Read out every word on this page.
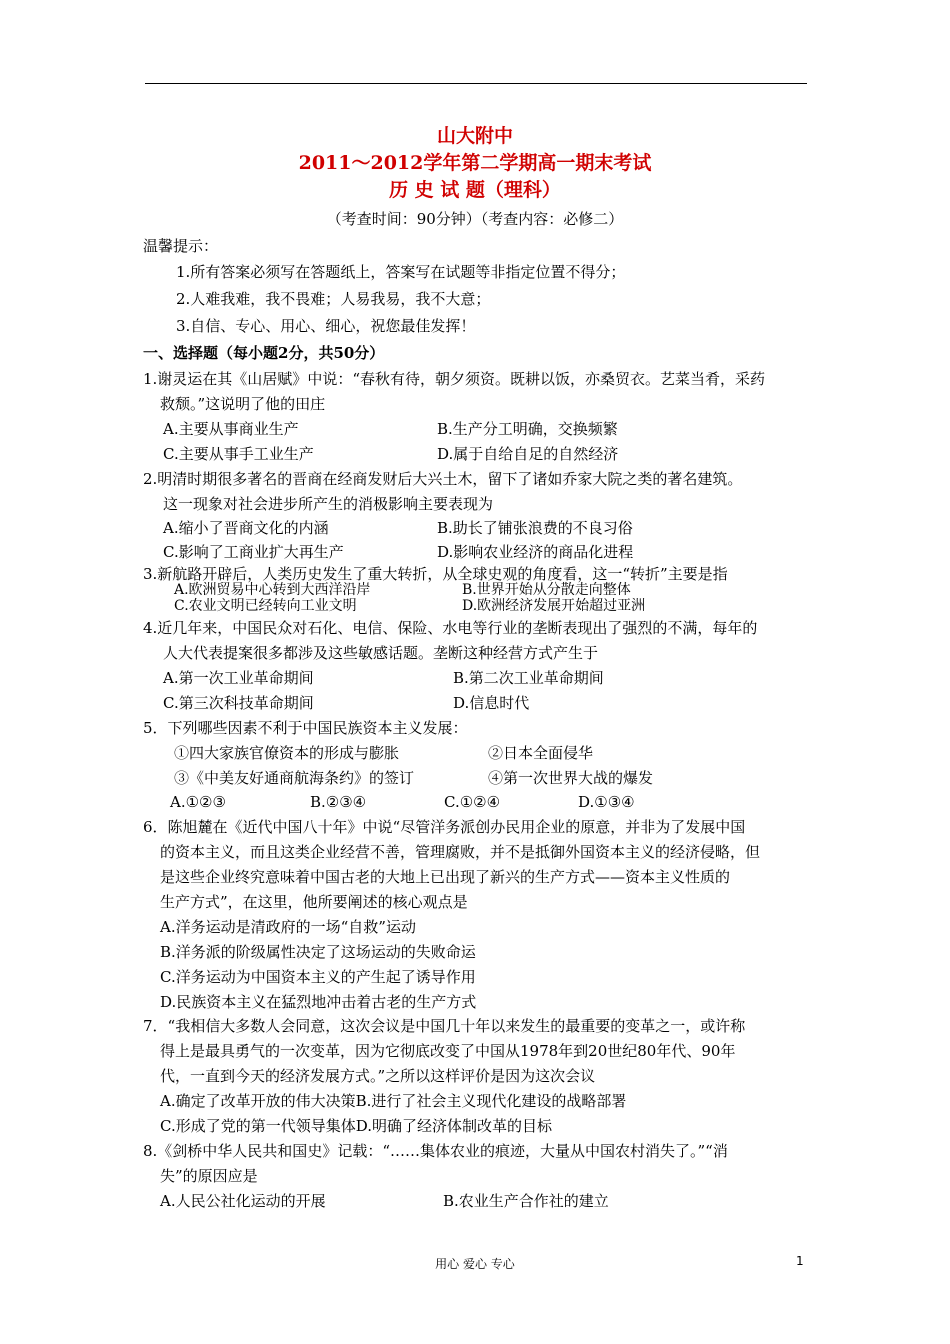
山大附中
2011～2012学年第二学期高一期末考试
历 史 试 题（理科）
（考查时间：90分钟）（考查内容：必修二）
温馨提示：
1.所有答案必须写在答题纸上，答案写在试题等非指定位置不得分；
2.人难我难，我不畏难；人易我易，我不大意；
3.自信、专心、用心、细心，祝您最佳发挥！
一、选择题（每小题2分，共50分）
1.谢灵运在其《山居赋》中说：“春秋有待，朝夕须资。既耕以饭，亦桑贸衣。艺菜当肴，采药
救颓。”这说明了他的田庄
A.主要从事商业生产	B.生产分工明确，交换频繁
C.主要从事手工业生产	D.属于自给自足的自然经济
2.明清时期很多著名的晋商在经商发财后大兴土木，留下了诸如乔家大院之类的著名建筑。
这一现象对社会进步所产生的消极影响主要表现为
A.缩小了晋商文化的内涵	B.助长了铺张浪费的不良习俗
C.影响了工商业扩大再生产	D.影响农业经济的商品化进程
3.新航路开辟后，人类历史发生了重大转折，从全球史观的角度看，这一“转折”主要是指
A.欧洲贸易中心转到大西洋沿岸	B.世界开始从分散走向整体
C.农业文明已经转向工业文明	D.欧洲经济发展开始超过亚洲
4.近几年来，中国民众对石化、电信、保险、水电等行业的垄断表现出了强烈的不满，每年的
人大代表提案很多都涉及这些敏感话题。垄断这种经营方式产生于
A.第一次工业革命期间	B.第二次工业革命期间
C.第三次科技革命期间	D.信息时代
5．下列哪些因素不利于中国民族资本主义发展：
①四大家族官僚资本的形成与膨胀	②日本全面侵华
③《中美友好通商航海条约》的签订	④第一次世界大战的爆发
A.①②③	B.②③④	C.①②④	D.①③④
6．陈旭麓在《近代中国八十年》中说“尽管洋务派创办民用企业的原意，并非为了发展中国
的资本主义，而且这类企业经营不善，管理腐败，并不是抵御外国资本主义的经济侵略，但
是这些企业终究意味着中国古老的大地上已出现了新兴的生产方式——资本主义性质的
生产方式”，在这里，他所要阐述的核心观点是
A.洋务运动是清政府的一场“自救”运动
B.洋务派的阶级属性决定了这场运动的失败命运
C.洋务运动为中国资本主义的产生起了诱导作用
D.民族资本主义在猛烈地冲击着古老的生产方式
7．“我相信大多数人会同意，这次会议是中国几十年以来发生的最重要的变革之一，或许称
得上是最具勇气的一次变革，因为它彻底改变了中国从1978年到20世纪80年代、90年
代，一直到今天的经济发展方式。”之所以这样评价是因为这次会议
A.确定了改革开放的伟大决策B.进行了社会主义现代化建设的战略部署
C.形成了党的第一代领导集体D.明确了经济体制改革的目标
8.《剑桥中华人民共和国史》记载：“……集体农业的痕迹，大量从中国农村消失了。”“消
失”的原因应是
A.人民公社化运动的开展	B.农业生产合作社的建立
用心 爱心 专心	1
